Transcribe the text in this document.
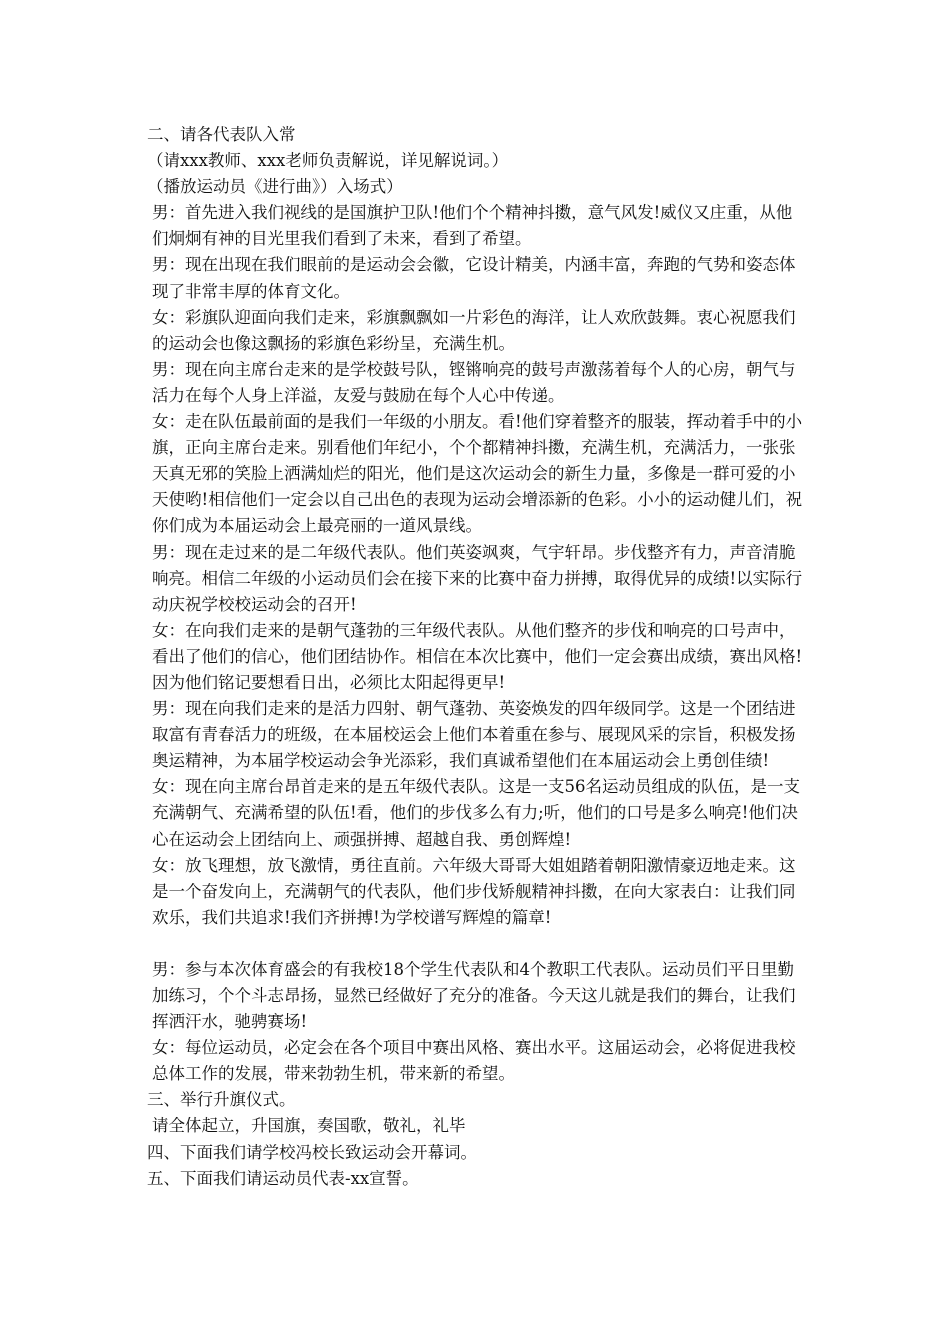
二、请各代表队入常
（请xxx教师、xxx老师负责解说，详见解说词。）
（播放运动员《进行曲》）入场式）
男：首先进入我们视线的是国旗护卫队!他们个个精神抖擞，意气风发!威仪又庄重，从他们炯炯有神的目光里我们看到了未来，看到了希望。
男：现在出现在我们眼前的是运动会会徽，它设计精美，内涵丰富，奔跑的气势和姿态体现了非常丰厚的体育文化。
女：彩旗队迎面向我们走来，彩旗飘飘如一片彩色的海洋，让人欢欣鼓舞。衷心祝愿我们的运动会也像这飘扬的彩旗色彩纷呈，充满生机。
男：现在向主席台走来的是学校鼓号队，铿锵响亮的鼓号声激荡着每个人的心房，朝气与活力在每个人身上洋溢，友爱与鼓励在每个人心中传递。
女：走在队伍最前面的是我们一年级的小朋友。看!他们穿着整齐的服装，挥动着手中的小旗，正向主席台走来。别看他们年纪小，个个都精神抖擞，充满生机，充满活力，一张张天真无邪的笑脸上洒满灿烂的阳光，他们是这次运动会的新生力量，多像是一群可爱的小天使哟!相信他们一定会以自己出色的表现为运动会增添新的色彩。小小的运动健儿们，祝你们成为本届运动会上最亮丽的一道风景线。
男：现在走过来的是二年级代表队。他们英姿飒爽，气宇轩昂。步伐整齐有力，声音清脆响亮。相信二年级的小运动员们会在接下来的比赛中奋力拼搏，取得优异的成绩!以实际行动庆祝学校校运动会的召开!
女：在向我们走来的是朝气蓬勃的三年级代表队。从他们整齐的步伐和响亮的口号声中，看出了他们的信心，他们团结协作。相信在本次比赛中，他们一定会赛出成绩，赛出风格!因为他们铭记要想看日出，必须比太阳起得更早!
男：现在向我们走来的是活力四射、朝气蓬勃、英姿焕发的四年级同学。这是一个团结进取富有青春活力的班级，在本届校运会上他们本着重在参与、展现风采的宗旨，积极发扬奥运精神，为本届学校运动会争光添彩，我们真诚希望他们在本届运动会上勇创佳绩!
女：现在向主席台昂首走来的是五年级代表队。这是一支56名运动员组成的队伍，是一支充满朝气、充满希望的队伍!看，他们的步伐多么有力;听，他们的口号是多么响亮!他们决心在运动会上团结向上、顽强拼搏、超越自我、勇创辉煌!
女：放飞理想，放飞激情，勇往直前。六年级大哥哥大姐姐踏着朝阳激情豪迈地走来。这是一个奋发向上，充满朝气的代表队，他们步伐矫舰精神抖擞，在向大家表白：让我们同欢乐，我们共追求!我们齐拼搏!为学校谱写辉煌的篇章!
男：参与本次体育盛会的有我校18个学生代表队和4个教职工代表队。运动员们平日里勤加练习，个个斗志昂扬，显然已经做好了充分的准备。今天这儿就是我们的舞台，让我们挥洒汗水，驰骋赛场!
女：每位运动员，必定会在各个项目中赛出风格、赛出水平。这届运动会，必将促进我校总体工作的发展，带来勃勃生机，带来新的希望。
三、举行升旗仪式。
请全体起立，升国旗，奏国歌，敬礼，礼毕
四、下面我们请学校冯校长致运动会开幕词。
五、下面我们请运动员代表-xx宣誓。
